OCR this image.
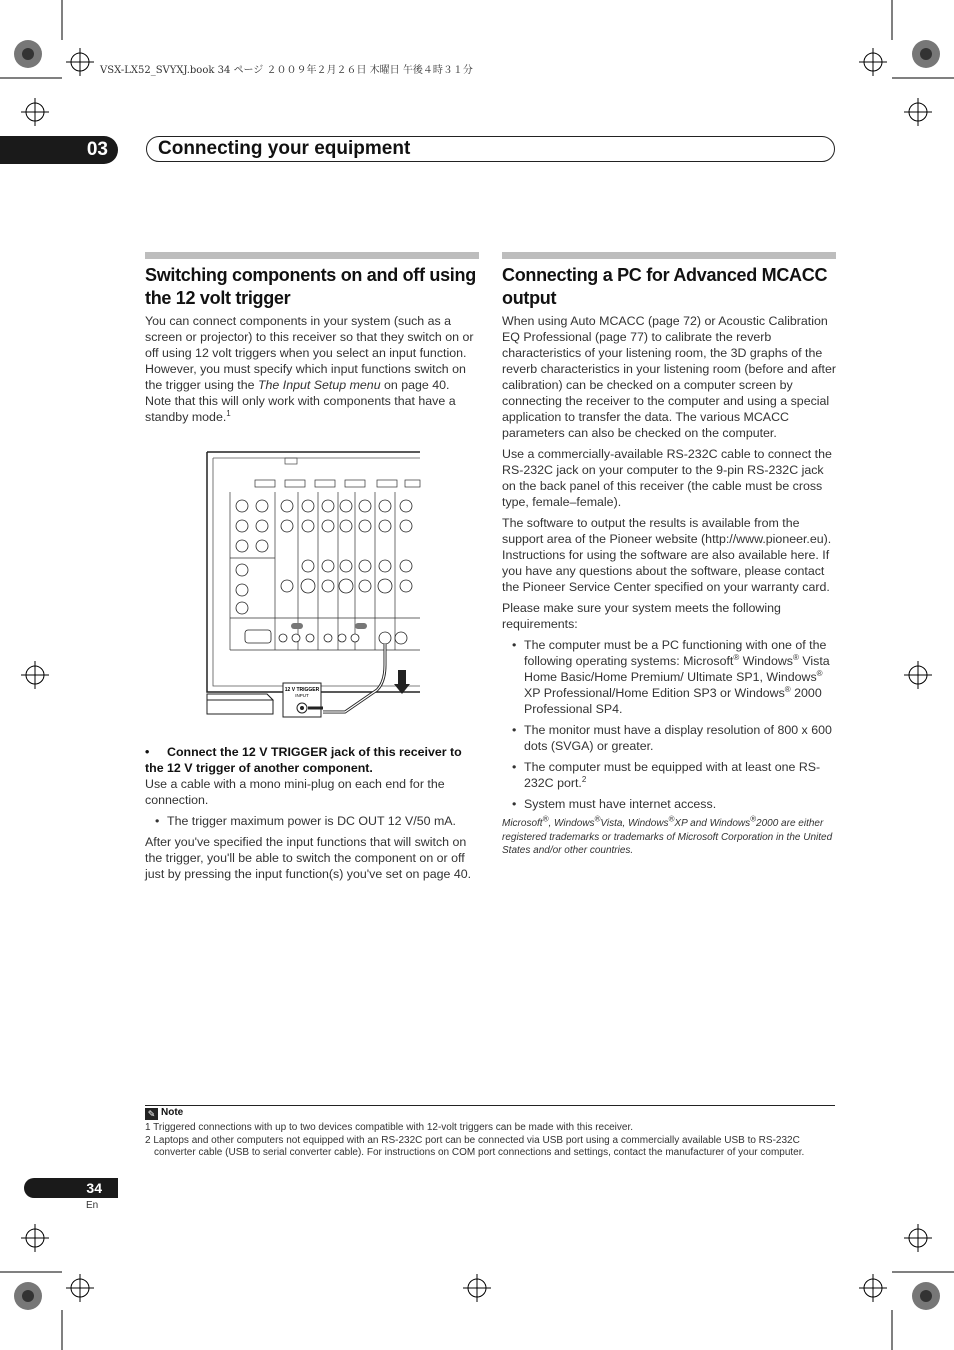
VSX-LX52_SVYXJ.book 34 ページ ２００９年２月２６日 木曜日 午後４時３１分
03	Connecting your equipment
Switching components on and off using the 12 volt trigger

You can connect components in your system (such as a screen or projector) to this receiver so that they switch on or off using 12 volt triggers when you select an input function. However, you must specify which input functions switch on the trigger using the The Input Setup menu on page 40. Note that this will only work with components that have a standby mode.$^1$

12 V TRIGGER
INPUT
• Connect the 12 V TRIGGER jack of this receiver to the 12 V trigger of another component.

Use a cable with a mono mini-plug on each end for the connection.

• The trigger maximum power is DC OUT 12 V/50 mA.

After you've specified the input functions that will switch on the trigger, you'll be able to switch the component on or off just by pressing the input function(s) you've set on page 40.

Connecting a PC for Advanced MCACC output

When using Auto MCACC (page 72) or Acoustic Calibration EQ Professional (page 77) to calibrate the reverb characteristics of your listening room, the 3D graphs of the reverb characteristics in your listening room (before and after calibration) can be checked on a computer screen by connecting the receiver to the computer and using a special application to transfer the data. The various MCACC parameters can also be checked on the computer.

Use a commercially-available RS-232C cable to connect the RS-232C jack on your computer to the 9-pin RS-232C jack on the back panel of this receiver (the cable must be cross type, female–female).

The software to output the results is available from the support area of the Pioneer website (http://www.pioneer.eu). Instructions for using the software are also available here. If you have any questions about the software, please contact the Pioneer Service Center specified on your warranty card.

Please make sure your system meets the following requirements:

• The computer must be a PC functioning with one of the following operating systems: Microsoft® Windows® Vista Home Basic/Home Premium/ Ultimate SP1, Windows® XP Professional/Home Edition SP3 or Windows® 2000 Professional SP4.
• The monitor must have a display resolution of 800 x 600 dots (SVGA) or greater.
• The computer must be equipped with at least one RS-232C port.$^2$
• System must have internet access.

Microsoft®, Windows®Vista, Windows®XP and Windows®2000 are either registered trademarks or trademarks of Microsoft Corporation in the United States and/or other countries.

✎ Note

1 Triggered connections with up to two devices compatible with 12-volt triggers can be made with this receiver.

2 Laptops and other computers not equipped with an RS-232C port can be connected via USB port using a commercially available USB to RS-232C converter cable (USB to serial converter cable). For instructions on COM port connections and settings, contact the manufacturer of your computer.

34
En
